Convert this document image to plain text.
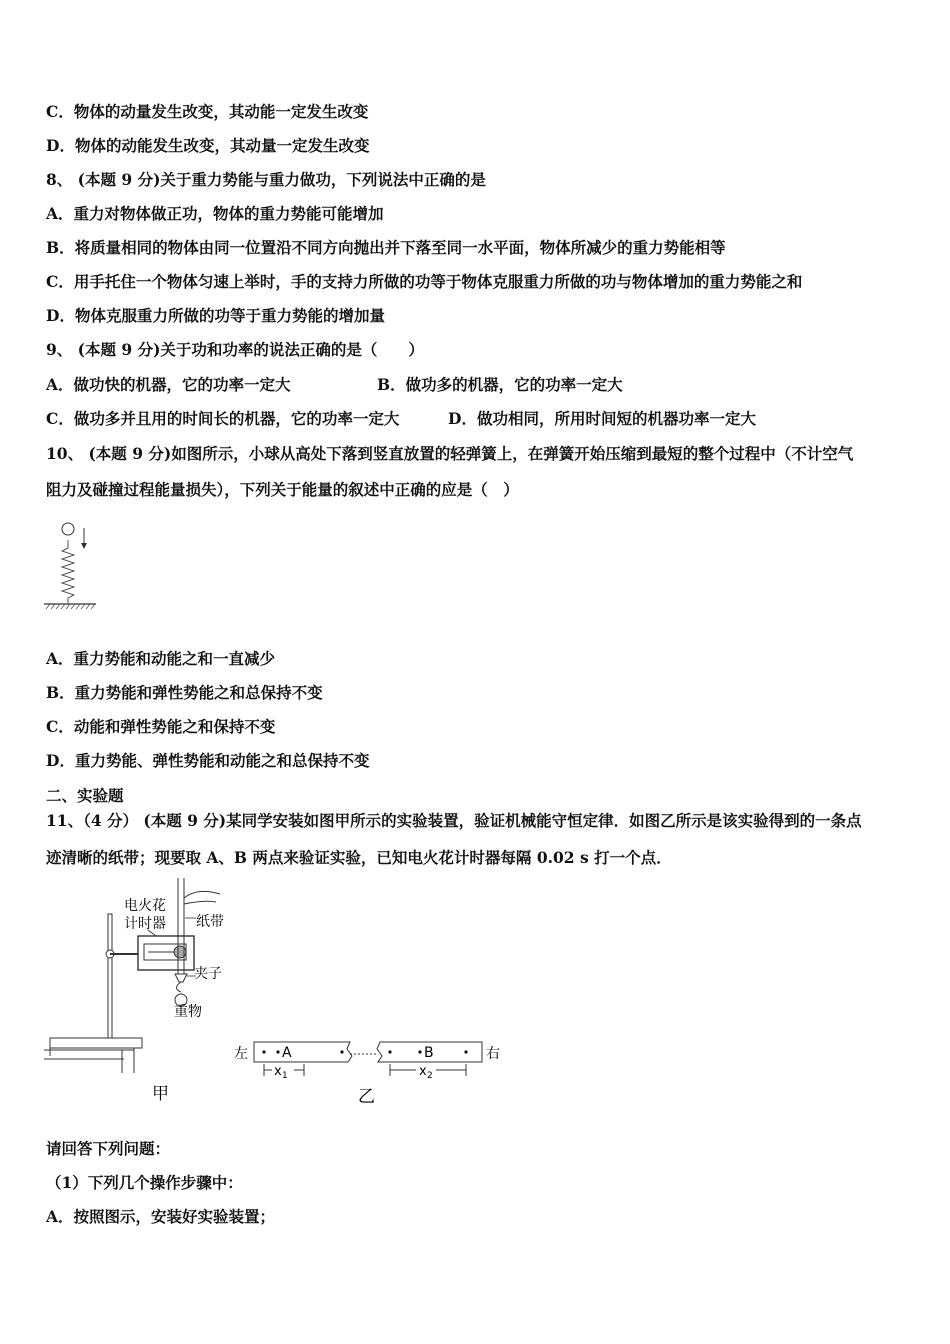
C．物体的动量发生改变，其动能一定发生改变
D．物体的动能发生改变，其动量一定发生改变
8、 (本题 9 分)关于重力势能与重力做功，下列说法中正确的是
A．重力对物体做正功，物体的重力势能可能增加
B．将质量相同的物体由同一位置沿不同方向抛出并下落至同一水平面，物体所减少的重力势能相等
C．用手托住一个物体匀速上举时，手的支持力所做的功等于物体克服重力所做的功与物体增加的重力势能之和
D．物体克服重力所做的功等于重力势能的增加量
9、 (本题 9 分)关于功和功率的说法正确的是（　　）
A．做功快的机器，它的功率一定大	B．做功多的机器，它的功率一定大
C．做功多并且用的时间长的机器，它的功率一定大	D．做功相同，所用时间短的机器功率一定大
10、 (本题 9 分)如图所示，小球从高处下落到竖直放置的轻弹簧上，在弹簧开始压缩到最短的整个过程中（不计空气
阻力及碰撞过程能量损失），下列关于能量的叙述中正确的应是（　）
A．重力势能和动能之和一直减少
B．重力势能和弹性势能之和总保持不变
C．动能和弹性势能之和保持不变
D．重力势能、弹性势能和动能之和总保持不变
二、实验题
11、（4 分） (本题 9 分)某同学安装如图甲所示的实验装置，验证机械能守恒定律．如图乙所示是该实验得到的一条点
迹清晰的纸带；现要取 A、B 两点来验证实验，已知电火花计时器每隔 0.02 s 打一个点．
电火花
计时器 纸带
夹子
重物
甲
左 A	B
x 1	x 2
右
乙
请回答下列问题：
（1）下列几个操作步骤中：
A．按照图示，安装好实验装置；
